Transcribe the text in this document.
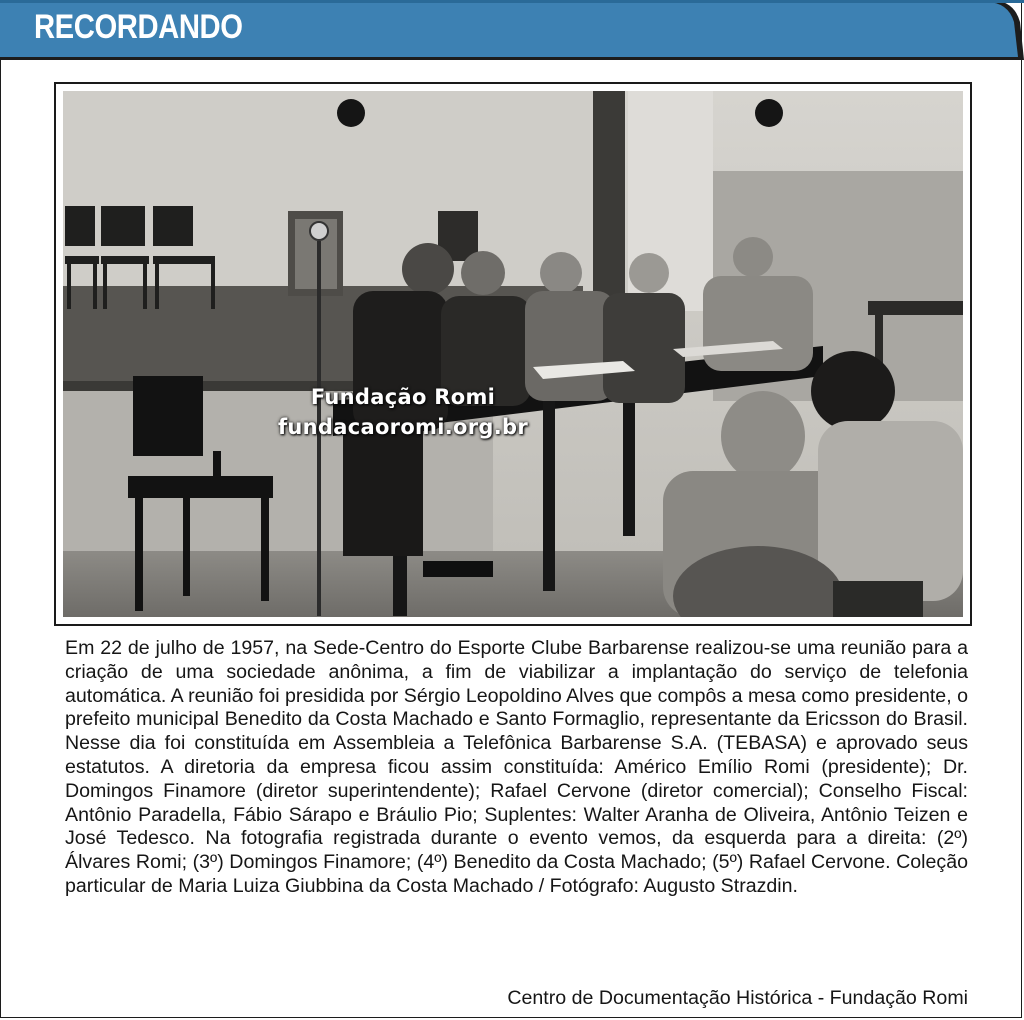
RECORDANDO
Fundação Romi
fundacaoromi.org.br

Em 22 de julho de 1957, na Sede-Centro do Esporte Clube Barbarense realizou-se uma reunião para a criação de uma sociedade anônima, a fim de viabilizar a implantação do serviço de telefonia automática. A reunião foi presidida por Sérgio Leopoldino Alves que compôs a mesa como presidente, o prefeito municipal Benedito da Costa Machado e Santo Formaglio, representante da Ericsson do Brasil. Nesse dia foi constituída em Assembleia a Telefônica Barbarense S.A. (TEBASA) e aprovado seus estatutos. A diretoria da empresa ficou assim constituída: Américo Emílio Romi (presidente); Dr. Domingos Finamore (diretor superintendente); Rafael Cervone (diretor comercial); Conselho Fiscal: Antônio Paradella, Fábio Sárapo e Bráulio Pio; Suplentes: Walter Aranha de Oliveira, Antônio Teizen e José Tedesco. Na fotografia registrada durante o evento vemos, da esquerda para a direita: (2º) Álvares Romi; (3º) Domingos Finamore; (4º) Benedito da Costa Machado; (5º) Rafael Cervone. Coleção particular de Maria Luiza Giubbina da Costa Machado / Fotógrafo: Augusto Strazdin.

Centro de Documentação Histórica - Fundação Romi
